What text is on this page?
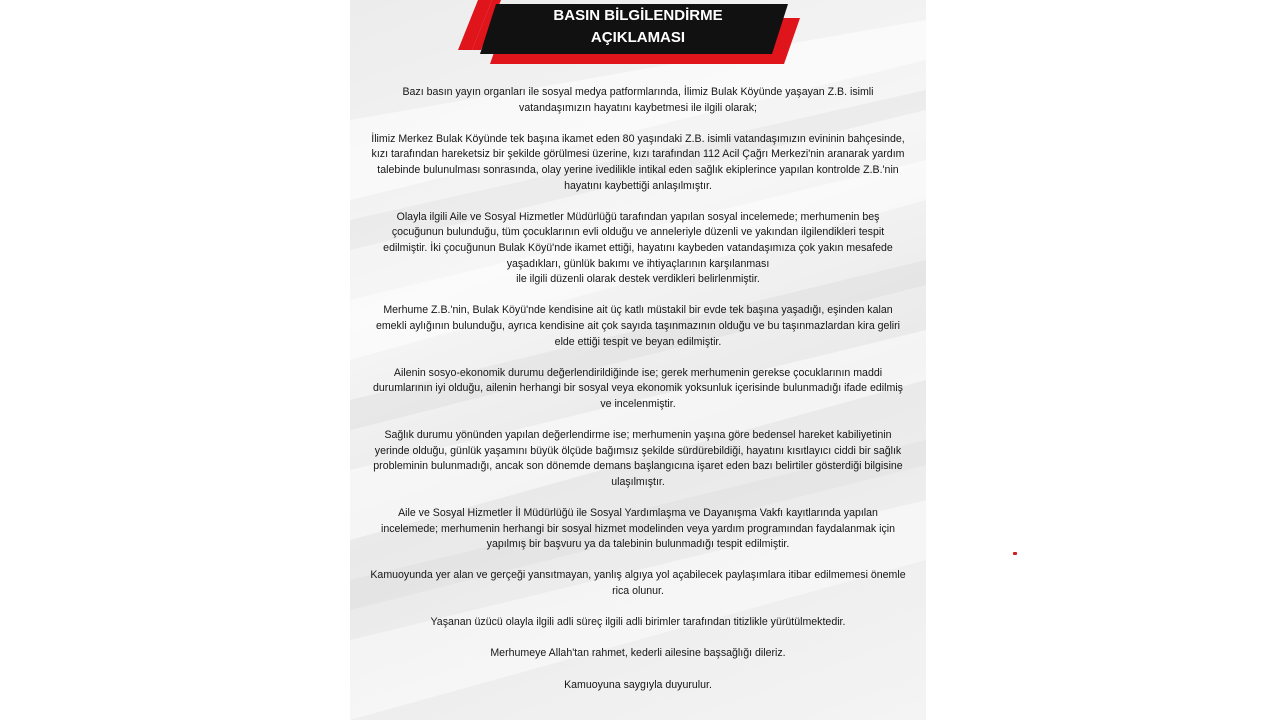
BASIN BİLGİLENDİRME
AÇIKLAMASI

Bazı basın yayın organları ile sosyal medya patformlarında, İlimiz Bulak Köyünde yaşayan Z.B. isimli vatandaşımızın hayatını kaybetmesi ile ilgili olarak;

İlimiz Merkez Bulak Köyünde tek başına ikamet eden 80 yaşındaki Z.B. isimli vatandaşımızın evininin bahçesinde, kızı tarafından hareketsiz bir şekilde görülmesi üzerine, kızı tarafından 112 Acil Çağrı Merkezi'nin aranarak yardım talebinde bulunulması sonrasında, olay yerine ivedilikle intikal eden sağlık ekiplerince yapılan kontrolde Z.B.'nin hayatını kaybettiği anlaşılmıştır.

Olayla ilgili Aile ve Sosyal Hizmetler Müdürlüğü tarafından yapılan sosyal incelemede; merhumenin beş çocuğunun bulunduğu, tüm çocuklarının evli olduğu ve anneleriyle düzenli ve yakından ilgilendikleri tespit edilmiştir. İki çocuğunun Bulak Köyü'nde ikamet ettiği, hayatını kaybeden vatandaşımıza çok yakın mesafede yaşadıkları, günlük bakımı ve ihtiyaçlarının karşılanması
ile ilgili düzenli olarak destek verdikleri belirlenmiştir.

Merhume Z.B.'nin, Bulak Köyü'nde kendisine ait üç katlı müstakil bir evde tek başına yaşadığı, eşinden kalan emekli aylığının bulunduğu, ayrıca kendisine ait çok sayıda taşınmazının olduğu ve bu taşınmazlardan kira geliri elde ettiği tespit ve beyan edilmiştir.

Ailenin sosyo-ekonomik durumu değerlendirildiğinde ise; gerek merhumenin gerekse çocuklarının maddi durumlarının iyi olduğu, ailenin herhangi bir sosyal veya ekonomik yoksunluk içerisinde bulunmadığı ifade edilmiş ve incelenmiştir.

Sağlık durumu yönünden yapılan değerlendirme ise; merhumenin yaşına göre bedensel hareket kabiliyetinin yerinde olduğu, günlük yaşamını büyük ölçüde bağımsız şekilde sürdürebildiği, hayatını kısıtlayıcı ciddi bir sağlık probleminin bulunmadığı, ancak son dönemde demans başlangıcına işaret eden bazı belirtiler gösterdiği bilgisine ulaşılmıştır.

Aile ve Sosyal Hizmetler İl Müdürlüğü ile Sosyal Yardımlaşma ve Dayanışma Vakfı kayıtlarında yapılan incelemede; merhumenin herhangi bir sosyal hizmet modelinden veya yardım programından faydalanmak için yapılmış bir başvuru ya da talebinin bulunmadığı tespit edilmiştir.

Kamuoyunda yer alan ve gerçeği yansıtmayan, yanlış algıya yol açabilecek paylaşımlara itibar edilmemesi önemle rica olunur.

Yaşanan üzücü olayla ilgili adli süreç ilgili adli birimler tarafından titizlikle yürütülmektedir.

Merhumeye Allah'tan rahmet, kederli ailesine başsağlığı dileriz.

Kamuoyuna saygıyla duyurulur.
